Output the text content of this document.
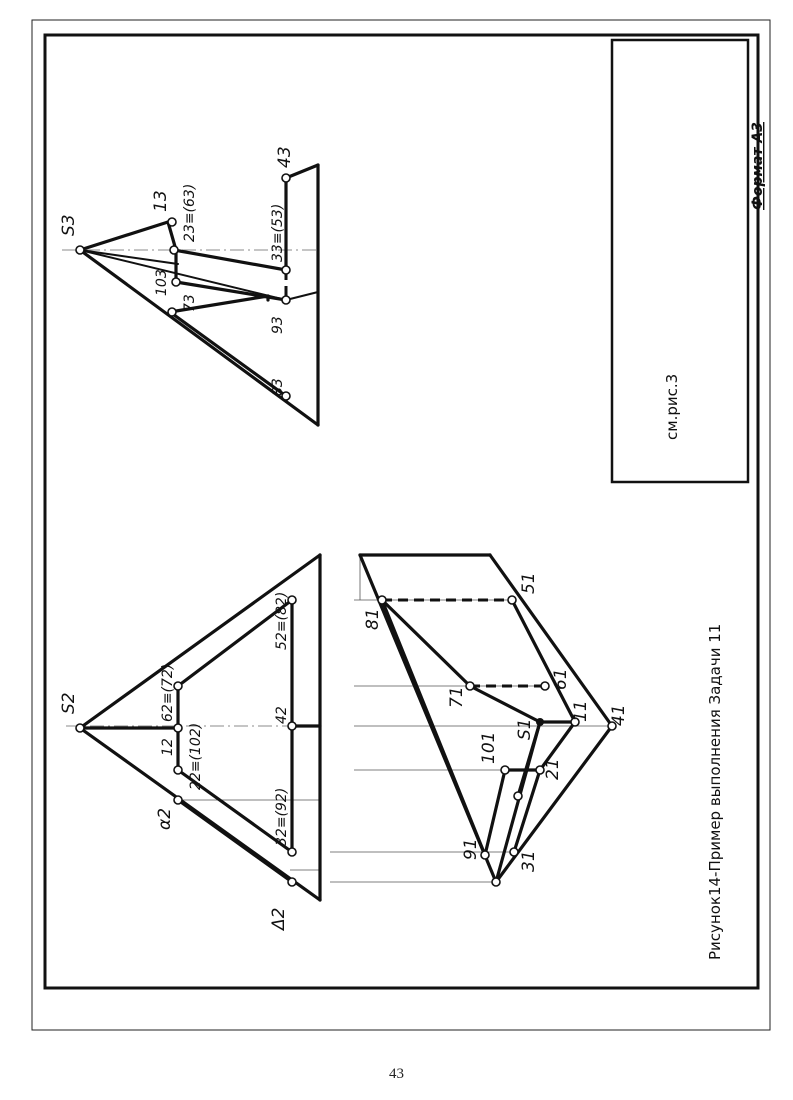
см.рис.3
Формат А3
S3
13 23≡(63)
103
73
33≡(53)
93
83
43
S2
12
62≡(72)
22≡(102)
42
52≡(82)
32≡(92)
α2
Δ2
81
51
71
61
S1
11 41
101
21
91
31	Рисунок14-Пример выполнения Задачи 11
43
